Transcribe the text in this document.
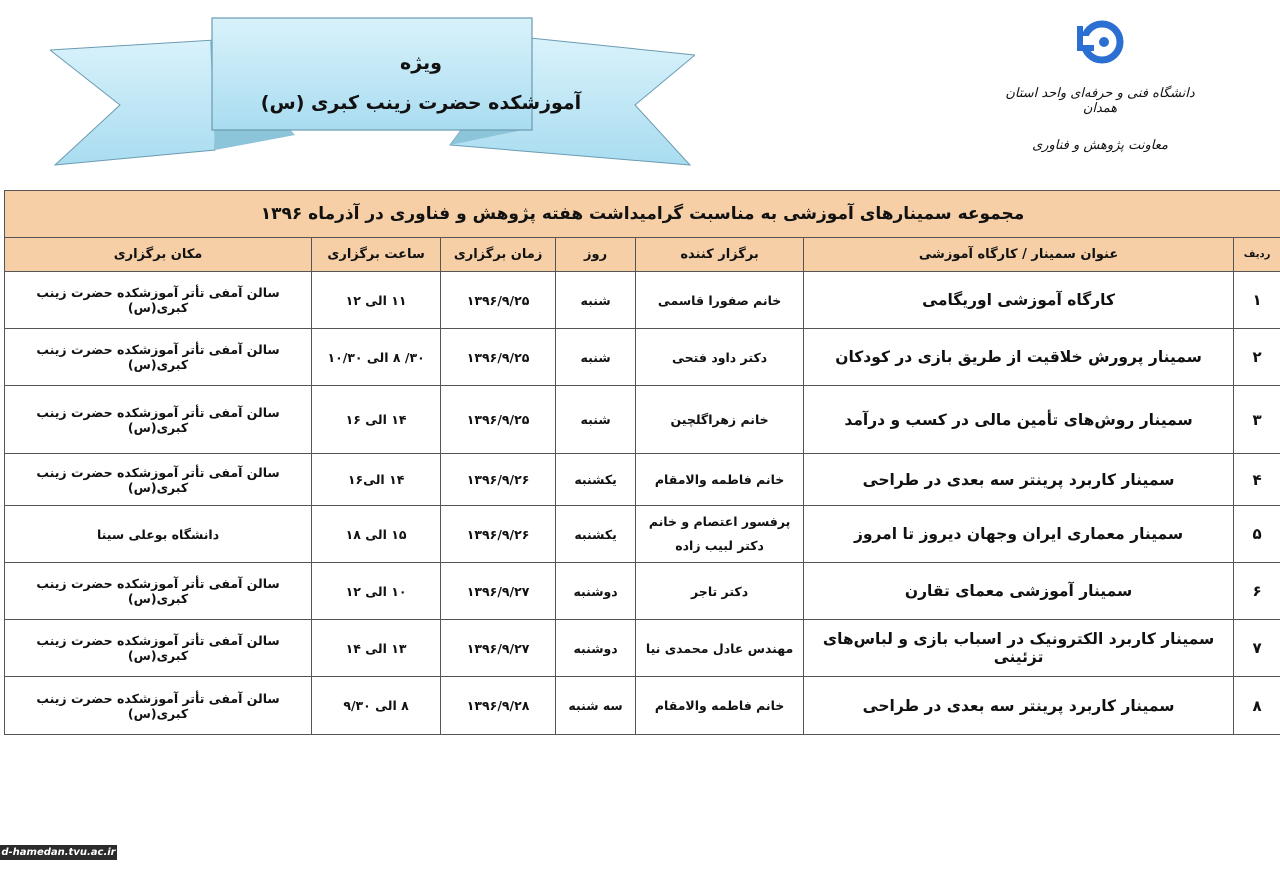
ویژه
آموزشکده حضرت زینب کبری (س)	دانشگاه فنی و حرفه‌ای واحد استان همدان
معاونت پژوهش و فناوری
مجموعه سمینارهای آموزشی به مناسبت گرامیداشت هفته پژوهش و فناوری در آذرماه ۱۳۹۶						
ردیف	عنوان سمینار / کارگاه آموزشی	برگزار کننده	روز	زمان برگزاری	ساعت برگزاری	مکان برگزاری
۱	کارگاه آموزشی اوریگامی	خانم صفورا قاسمی	شنبه	۱۳۹۶/۹/۲۵	۱۱ الی ۱۲	سالن آمفی تأتر آموزشکده حضرت زینب کبری(س)
۲	سمینار پرورش خلاقیت از طریق بازی در کودکان	دکتر داود فتحی	شنبه	۱۳۹۶/۹/۲۵	۳۰/ ۸ الی ۱۰/۳۰	سالن آمفی تأتر آموزشکده حضرت زینب کبری(س)
۳	سمینار روش‌های تأمین مالی در کسب و درآمد	خانم زهراگلچین	شنبه	۱۳۹۶/۹/۲۵	۱۴ الی ۱۶	سالن آمفی تأتر آموزشکده حضرت زینب کبری(س)
۴	سمینار کاربرد پرینتر سه بعدی در طراحی	خانم فاطمه والامقام	یکشنبه	۱۳۹۶/۹/۲۶	۱۴ الی۱۶	سالن آمفی تأتر آموزشکده حضرت زینب کبری(س)
۵	سمینار معماری ایران وجهان دیروز تا امروز	پرفسور اعتصام و خانم دکتر لبیب زاده	یکشنبه	۱۳۹۶/۹/۲۶	۱۵ الی ۱۸	دانشگاه بوعلی سینا
۶	سمینار آموزشی معمای تقارن	دکتر تاجر	دوشنبه	۱۳۹۶/۹/۲۷	۱۰ الی ۱۲	سالن آمفی تأتر آموزشکده حضرت زینب کبری(س)
۷	سمینار کاربرد الکترونیک در اسباب بازی و لباس‌های تزئینی	مهندس عادل محمدی نیا	دوشنبه	۱۳۹۶/۹/۲۷	۱۳ الی ۱۴	سالن آمفی تأتر آموزشکده حضرت زینب کبری(س)
۸	سمینار کاربرد پرینتر سه بعدی در طراحی	خانم فاطمه والامقام	سه شنبه	۱۳۹۶/۹/۲۸	۸ الی ۹/۳۰	سالن آمفی تأتر آموزشکده حضرت زینب کبری(س)
d-hamedan.tvu.ac.ir
